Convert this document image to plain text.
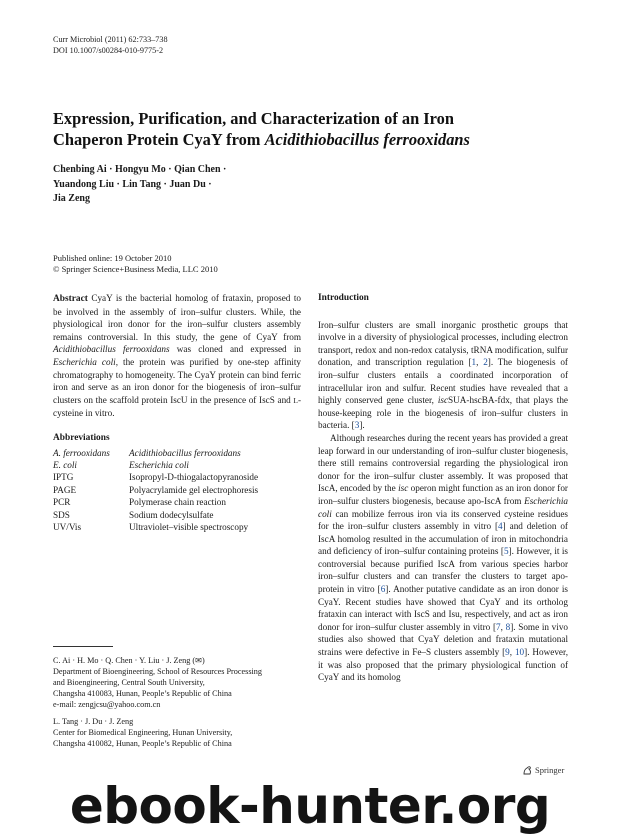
Curr Microbiol (2011) 62:733–738
DOI 10.1007/s00284-010-9775-2
Expression, Purification, and Characterization of an Iron
Chaperon Protein CyaY from Acidithiobacillus ferrooxidans
Chenbing Ai · Hongyu Mo · Qian Chen ·
Yuandong Liu · Lin Tang · Juan Du ·
Jia Zeng
Published online: 19 October 2010
© Springer Science+Business Media, LLC 2010

Abstract CyaY is the bacterial homolog of frataxin, proposed to be involved in the assembly of iron–sulfur clusters. While, the physiological iron donor for the iron–sulfur clusters assembly remains controversial. In this study, the gene of CyaY from Acidithiobacillus ferrooxidans was cloned and expressed in Escherichia coli, the protein was purified by one-step affinity chromatography to homogeneity. The CyaY protein can bind ferric iron and serve as an iron donor for the biogenesis of iron–sulfur clusters on the scaffold protein IscU in the presence of IscS and L-cysteine in vitro.

Abbreviations
A. ferrooxidans	Acidithiobacillus ferrooxidans
E. coli	Escherichia coli
IPTG	Isopropyl-D-thiogalactopyranoside
PAGE	Polyacrylamide gel electrophoresis
PCR	Polymerase chain reaction
SDS	Sodium dodecylsulfate
UV/Vis	Ultraviolet–visible spectroscopy
C. Ai · H. Mo · Q. Chen · Y. Liu · J. Zeng (✉)
Department of Bioengineering, School of Resources Processing
and Bioengineering, Central South University,
Changsha 410083, Hunan, People’s Republic of China
e-mail: zengjcsu@yahoo.com.cn
L. Tang · J. Du · J. Zeng
Center for Biomedical Engineering, Hunan University,
Changsha 410082, Hunan, People’s Republic of China
Introduction

Iron–sulfur clusters are small inorganic prosthetic groups that involve in a diversity of physiological processes, including electron transport, redox and non-redox catalysis, tRNA modification, sulfur donation, and transcription regulation [1, 2]. The biogenesis of iron–sulfur clusters entails a coordinated incorporation of intracellular iron and sulfur. Recent studies have revealed that a highly conserved gene cluster, iscSUA-hscBA-fdx, that plays the house-keeping role in the biogenesis of iron–sulfur clusters in bacteria. [3].

Although researches during the recent years has provided a great leap forward in our understanding of iron–sulfur cluster biogenesis, there still remains controversial regarding the physiological iron donor for the iron–sulfur cluster assembly. It was proposed that IscA, encoded by the isc operon might function as an iron donor for iron–sulfur clusters biogenesis, because apo-IscA from Escherichia coli can mobilize ferrous iron via its conserved cysteine residues for the iron–sulfur clusters assembly in vitro [4] and deletion of IscA homolog resulted in the accumulation of iron in mitochondria and deficiency of iron–sulfur containing proteins [5]. However, it is controversial because purified IscA from various species harbor iron–sulfur clusters and can transfer the clusters to target apo-protein in vitro [6]. Another putative candidate as an iron donor is CyaY. Recent studies have showed that CyaY and its ortholog frataxin can interact with IscS and Isu, respectively, and act as iron donor for iron–sulfur cluster assembly in vitro [7, 8]. Some in vivo studies also showed that CyaY deletion and frataxin mutational strains were defective in Fe–S clusters assembly [9, 10]. However, it was also proposed that the primary physiological function of CyaY and its homolog

Springer
ebook-hunter.org
